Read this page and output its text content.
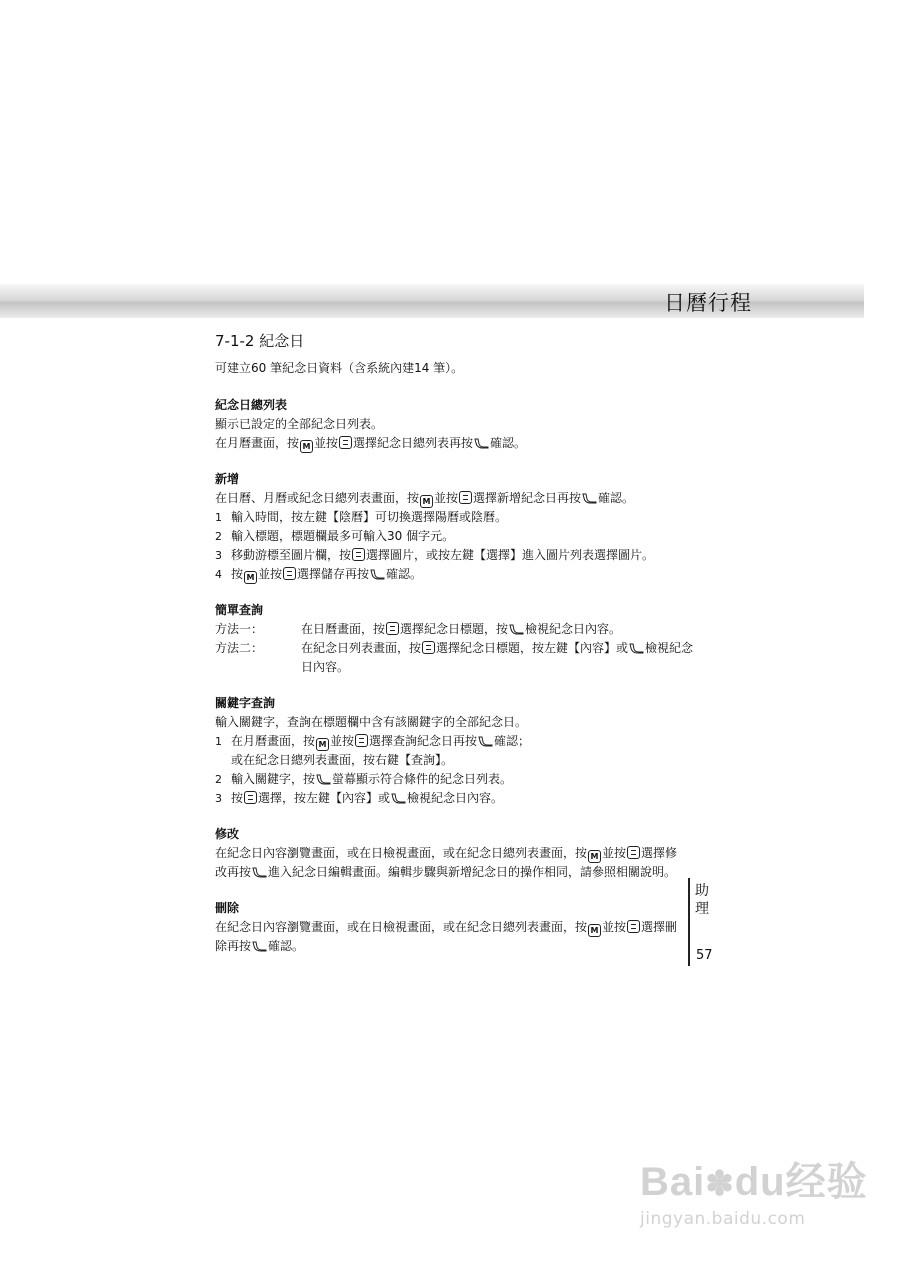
日曆行程
7-1-2 紀念日

可建立60 筆紀念日資料（含系統內建14 筆）。

紀念日總列表

顯示已設定的全部紀念日列表。

在月曆畫面，按 M 並按 選擇紀念日總列表再按 確認。

新增

在日曆、月曆或紀念日總列表畫面，按 M 並按 選擇新增紀念日再按 確認。

1 輸入時間，按左鍵【陰曆】可切換選擇陽曆或陰曆。
2 輸入標題，標題欄最多可輸入30 個字元。
3 移動游標至圖片欄，按 選擇圖片，或按左鍵【選擇】進入圖片列表選擇圖片。
4 按 M 並按 選擇儲存再按 確認。

簡單查詢

方法一：	在日曆畫面，按 選擇紀念日標題，按 檢視紀念日內容。
方法二：	在紀念日列表畫面，按 選擇紀念日標題，按左鍵【內容】或 檢視紀念日內容。

關鍵字查詢

輸入關鍵字，查詢在標題欄中含有該關鍵字的全部紀念日。

1 在月曆畫面，按 M 並按 選擇查詢紀念日再按 確認；
或在紀念日總列表畫面，按右鍵【查詢】。
2 輸入關鍵字，按 螢幕顯示符合條件的紀念日列表。
3 按 選擇，按左鍵【內容】或 檢視紀念日內容。

修改

在紀念日內容瀏覽畫面，或在日檢視畫面，或在紀念日總列表畫面，按 M 並按 選擇修改再按 進入紀念日編輯畫面。編輯步驟與新增紀念日的操作相同，請參照相關說明。

刪除

在紀念日內容瀏覽畫面，或在日檢視畫面，或在紀念日總列表畫面，按 M 並按 選擇刪除再按 確認。

助
理
57
Bai✽du经验
jingyan.baidu.com
